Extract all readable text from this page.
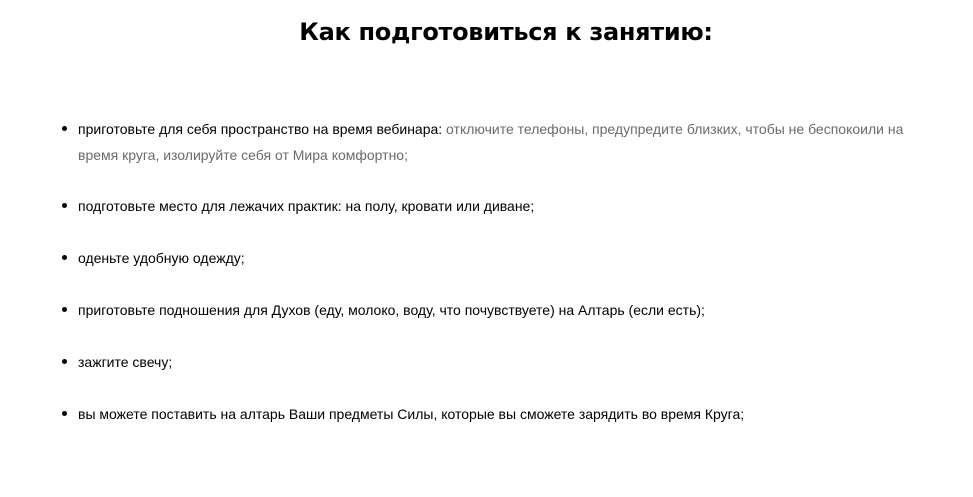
Как подготовиться к занятию:
приготовьте для себя пространство на время вебинара: отключите телефоны, предупредите близких, чтобы не беспокоили на время круга, изолируйте себя от Мира комфортно;
подготовьте место для лежачих практик: на полу, кровати или диване;
оденьте удобную одежду;
приготовьте подношения для Духов (еду, молоко, воду, что почувствуете) на Алтарь (если есть);
зажгите свечу;
вы можете поставить на алтарь Ваши предметы Силы, которые вы сможете зарядить во время Круга;
